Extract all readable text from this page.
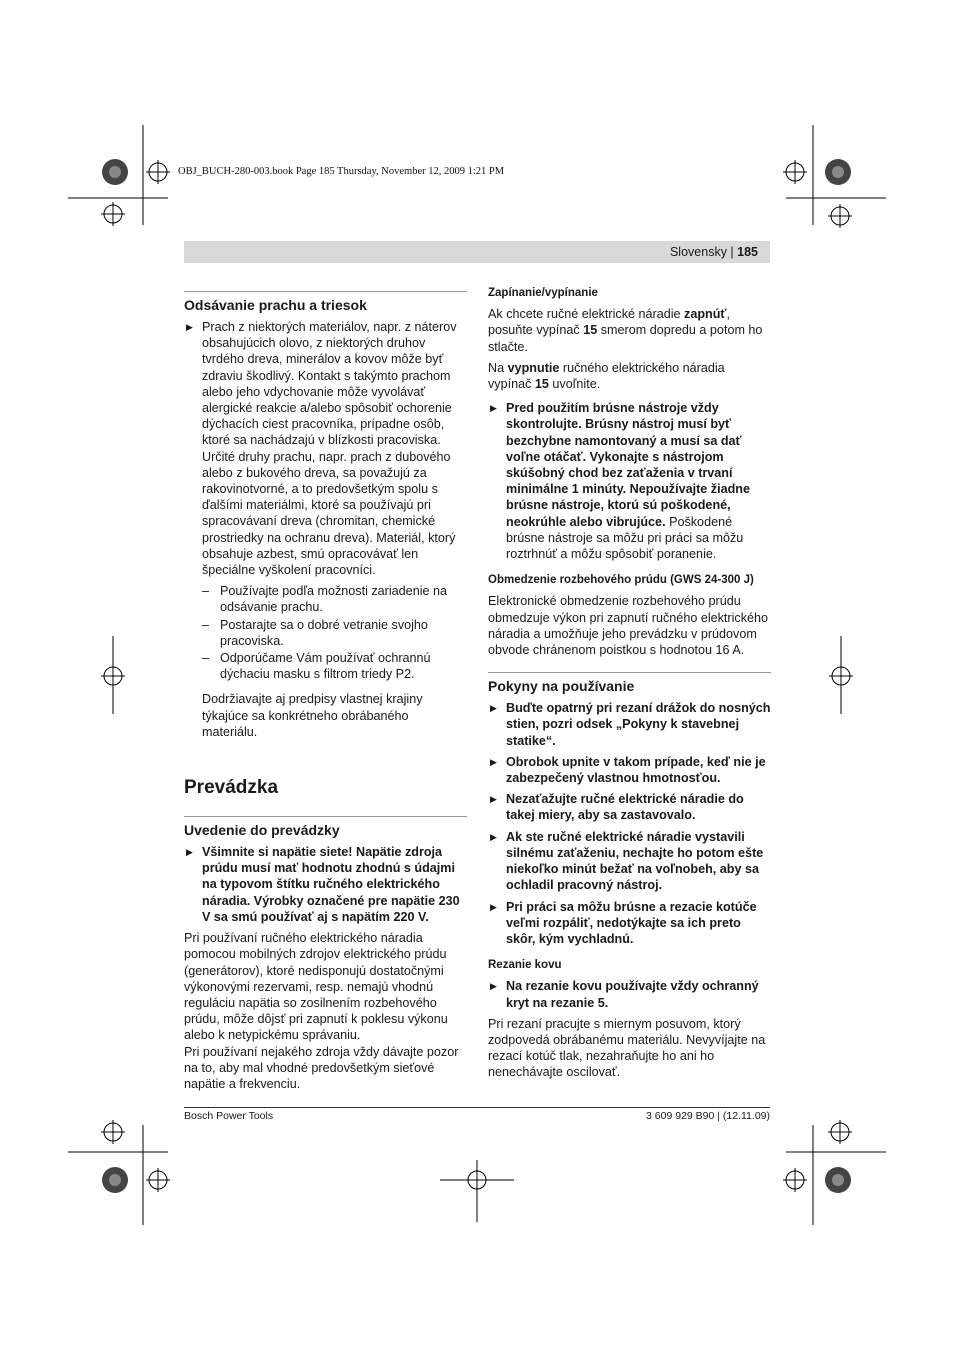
OBJ_BUCH-280-003.book Page 185 Thursday, November 12, 2009 1:21 PM
Slovensky | 185
Odsávanie prachu a triesok
▶ Prach z niektorých materiálov, napr. z náterov obsahujúcich olovo, z niektorých druhov tvrdého dreva, minerálov a kovov môže byť zdraviu škodlivý. Kontakt s takýmto prachom alebo jeho vdychovanie môže vyvolávať alergické reakcie a/alebo spôsobiť ochorenie dýchacích ciest pracovníka, prípadne osôb, ktoré sa nachádzajú v blízkosti pracoviska. Určité druhy prachu, napr. prach z dubového alebo z bukového dreva, sa považujú za rakovinotvorné, a to predovšetkým spolu s ďalšími materiálmi, ktoré sa používajú pri spracovávaní dreva (chromitan, chemické prostriedky na ochranu dreva). Materiál, ktorý obsahuje azbest, smú opracovávať len špeciálne vyškolení pracovníci.
– Používajte podľa možnosti zariadenie na odsávanie prachu.
– Postarajte sa o dobré vetranie svojho pracoviska.
– Odporúčame Vám používať ochrannú dýchaciu masku s filtrom triedy P2.

Dodržiavajte aj predpisy vlastnej krajiny týkajúce sa konkrétneho obrábaného materiálu.

Prevádzka
Uvedenie do prevádzky
▶ Všimnite si napätie siete! Napätie zdroja prúdu musí mať hodnotu zhodnú s údajmi na typovom štítku ručného elektrického náradia. Výrobky označené pre napätie 230 V sa smú používať aj s napätím 220 V.

Pri používaní ručného elektrického náradia pomocou mobilných zdrojov elektrického prúdu (generátorov), ktoré nedisponujú dostatočnými výkonovými rezervami, resp. nemajú vhodnú reguláciu napätia so zosilnením rozbehového prúdu, môže dôjsť pri zapnutí k poklesu výkonu alebo k netypickému správaniu.

Pri používaní nejakého zdroja vždy dávajte pozor na to, aby mal vhodné predovšetkým sieťové napätie a frekvenciu.

Zapínanie/vypínanie

Ak chcete ručné elektrické náradie zapnúť, posuňte vypínač 15 smerom dopredu a potom ho stlačte.

Na vypnutie ručného elektrického náradia vypínač 15 uvoľnite.

▶ Pred použitím brúsne nástroje vždy skontrolujte. Brúsny nástroj musí byť bezchybne namontovaný a musí sa dať voľne otáčať. Vykonajte s nástrojom skúšobný chod bez zaťaženia v trvaní minimálne 1 minúty. Nepoužívajte žiadne brúsne nástroje, ktorú sú poškodené, neokrúhle alebo vibrujúce. Poškodené brúsne nástroje sa môžu pri práci sa môžu roztrhnúť a môžu spôsobiť poranenie.
Obmedzenie rozbehového prúdu (GWS 24-300 J)

Elektronické obmedzenie rozbehového prúdu obmedzuje výkon pri zapnutí ručného elektrického náradia a umožňuje jeho prevádzku v prúdovom obvode chránenom poistkou s hodnotou 16 A.

Pokyny na používanie
▶ Buďte opatrný pri rezaní drážok do nosných stien, pozri odsek „Pokyny k stavebnej statike“.
▶ Obrobok upnite v takom prípade, keď nie je zabezpečený vlastnou hmotnosťou.
▶ Nezaťažujte ručné elektrické náradie do takej miery, aby sa zastavovalo.
▶ Ak ste ručné elektrické náradie vystavili silnému zaťaženiu, nechajte ho potom ešte niekoľko minút bežať na voľnobeh, aby sa ochladil pracovný nástroj.
▶ Pri práci sa môžu brúsne a rezacie kotúče veľmi rozpáliť, nedotýkajte sa ich preto skôr, kým vychladnú.
Rezanie kovu
▶ Na rezanie kovu používajte vždy ochranný kryt na rezanie 5.

Pri rezaní pracujte s miernym posuvom, ktorý zodpovedá obrábanému materiálu. Nevyvíjajte na rezací kotúč tlak, nezahraňujte ho ani ho nenechávajte oscilovať.

Bosch Power Tools	3 609 929 B90 | (12.11.09)
